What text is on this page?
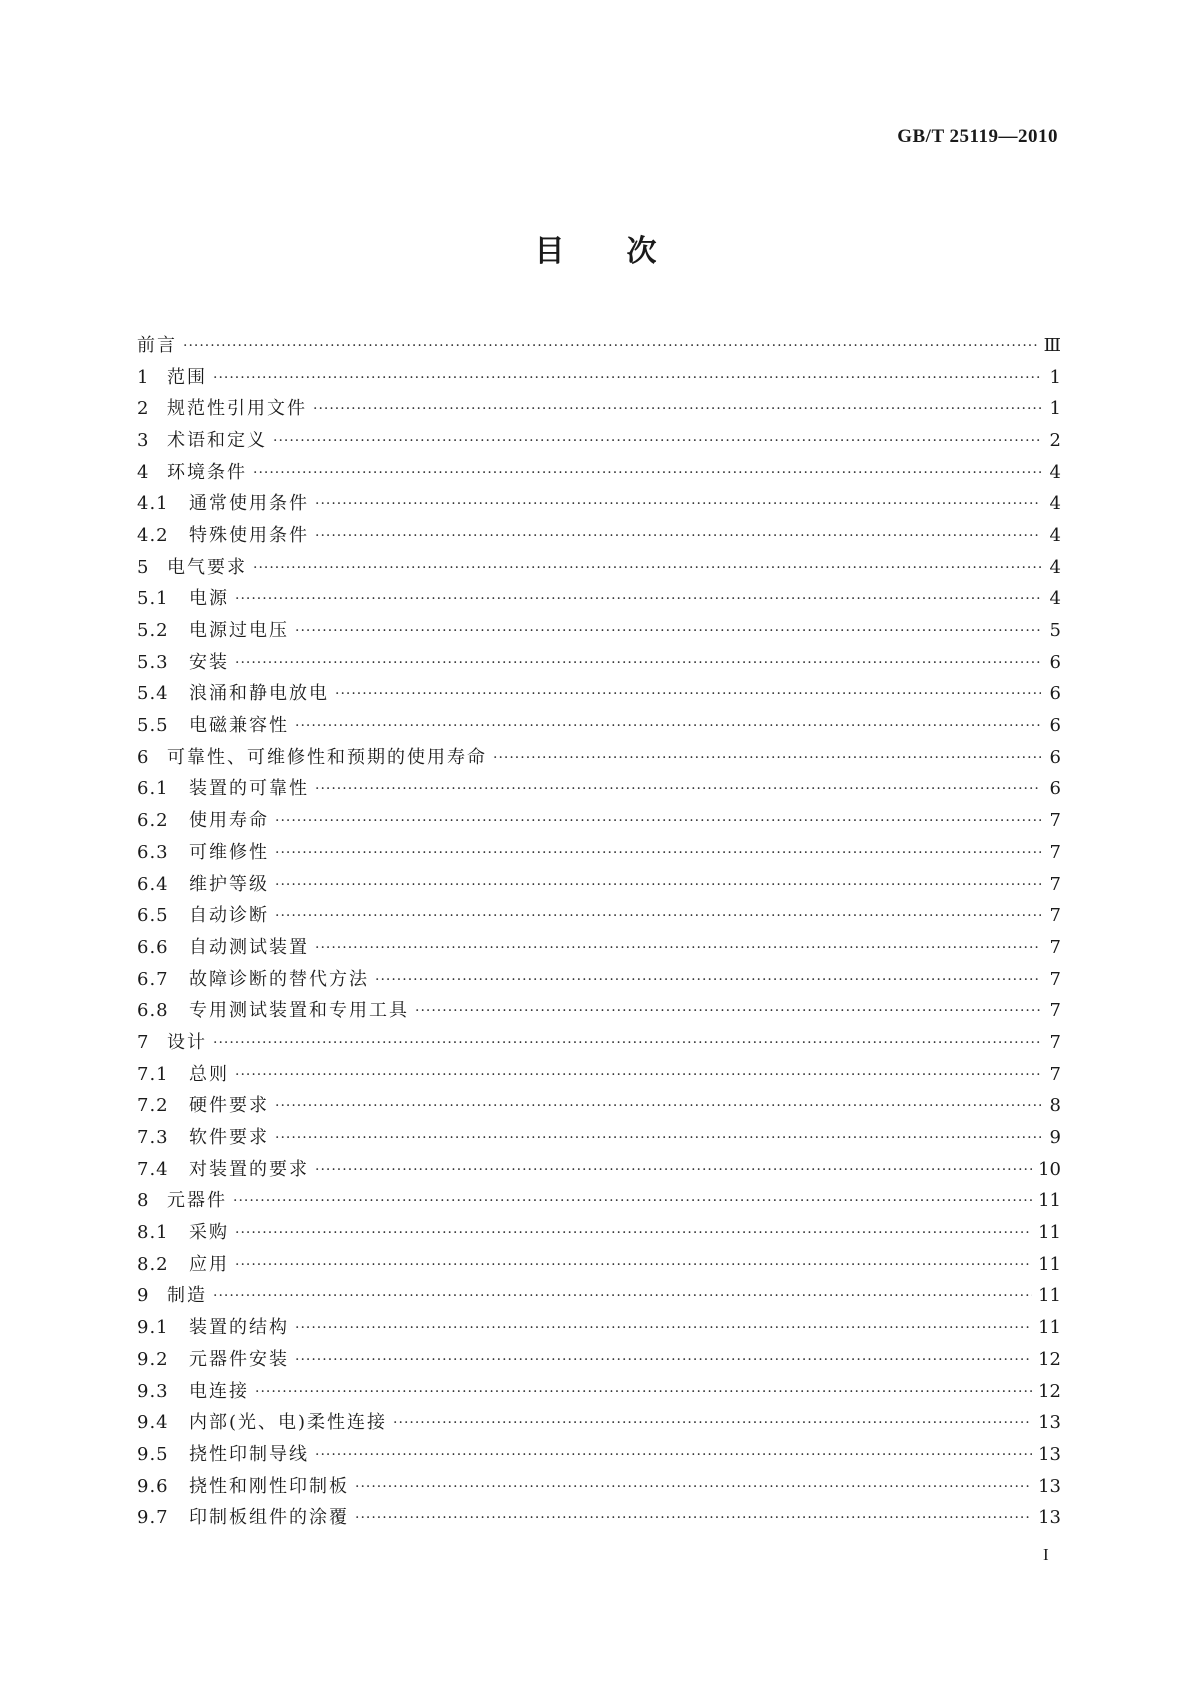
GB/T 25119—2010
目 次
前言 ·····	Ⅲ
1 范围 ·····	1
2 规范性引用文件 ·····	1
3 术语和定义 ·····	2
4 环境条件 ·····	4
4.1	通常使用条件 ·····	4
4.2	特殊使用条件 ·····	4
5 电气要求 ·····	4
5.1	电源 ·····	4
5.2	电源过电压 ·····	5
5.3	安装 ·····	6
5.4	浪涌和静电放电 ·····	6
5.5	电磁兼容性 ·····	6
6 可靠性、可维修性和预期的使用寿命 ·····	6
6.1	装置的可靠性 ·····	6
6.2	使用寿命 ·····	7
6.3	可维修性 ·····	7
6.4	维护等级 ·····	7
6.5	自动诊断 ·····	7
6.6	自动测试装置 ·····	7
6.7	故障诊断的替代方法 ·····	7
6.8	专用测试装置和专用工具 ·····	7
7 设计 ·····	7
7.1	总则 ·····	7
7.2	硬件要求 ·····	8
7.3	软件要求 ·····	9
7.4	对装置的要求 ·····	10
8 元器件 ·····	11
8.1	采购 ·····	11
8.2	应用 ·····	11
9 制造 ·····	11
9.1	装置的结构 ·····	11
9.2	元器件安装 ·····	12
9.3	电连接 ·····	12
9.4	内部(光、电)柔性连接 ·····	13
9.5	挠性印制导线 ·····	13
9.6	挠性和刚性印制板 ·····	13
9.7	印制板组件的涂覆 ·····	13
I
